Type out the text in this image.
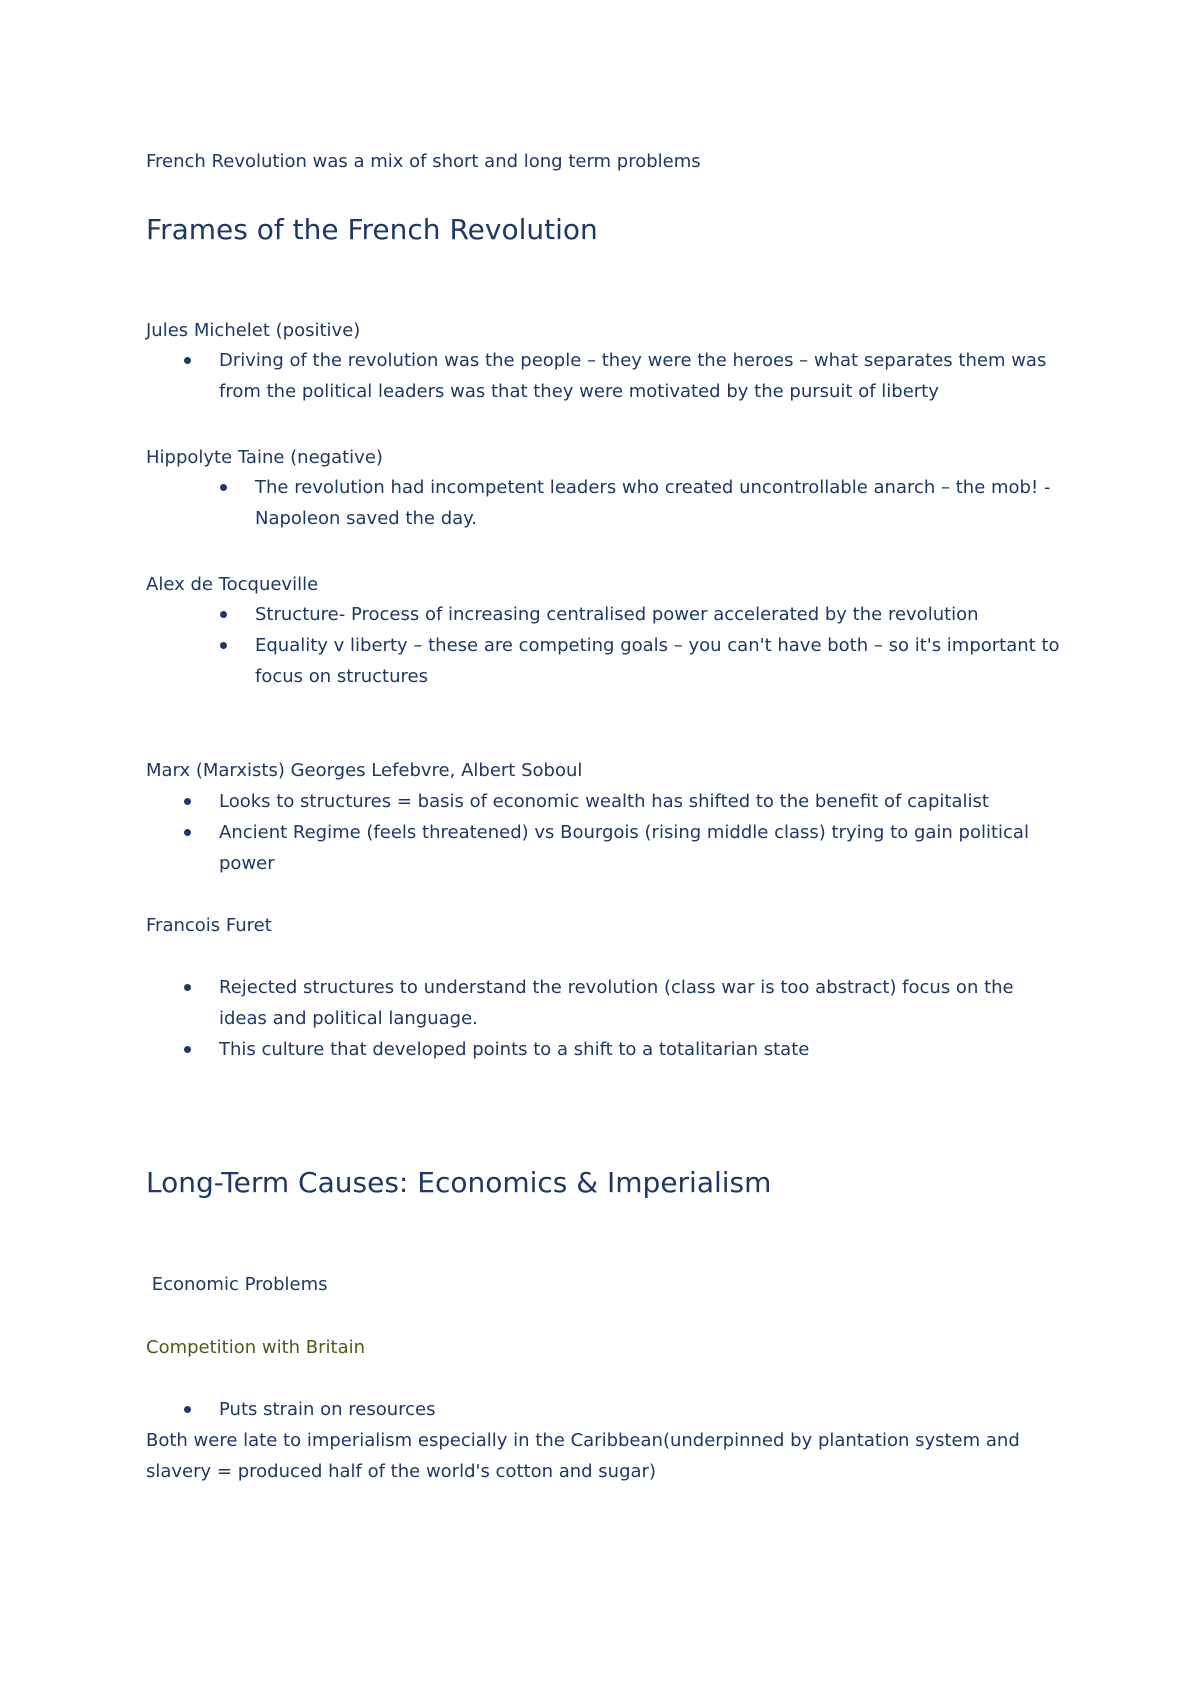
French Revolution was a mix of short and long term problems
Frames of the French Revolution
Jules Michelet (positive)
Driving of the revolution was the people – they were the heroes – what separates them was
from the political leaders was that they were motivated by the pursuit of liberty
Hippolyte Taine (negative)
The revolution had incompetent leaders who created uncontrollable anarch – the mob! -
Napoleon saved the day.
Alex de Tocqueville
Structure- Process of increasing centralised power accelerated by the revolution
Equality v liberty – these are competing goals – you can't have both – so it's important to
focus on structures
Marx (Marxists) Georges Lefebvre, Albert Soboul
Looks to structures = basis of economic wealth has shifted to the benefit of capitalist
Ancient Regime (feels threatened) vs Bourgois (rising middle class) trying to gain political
power
Francois Furet
Rejected structures to understand the revolution (class war is too abstract) focus on the
ideas and political language.
This culture that developed points to a shift to a totalitarian state
Long-Term Causes: Economics & Imperialism
Economic Problems
Competition with Britain
Puts strain on resources
Both were late to imperialism especially in the Caribbean(underpinned by plantation system and
slavery = produced half of the world's cotton and sugar)
